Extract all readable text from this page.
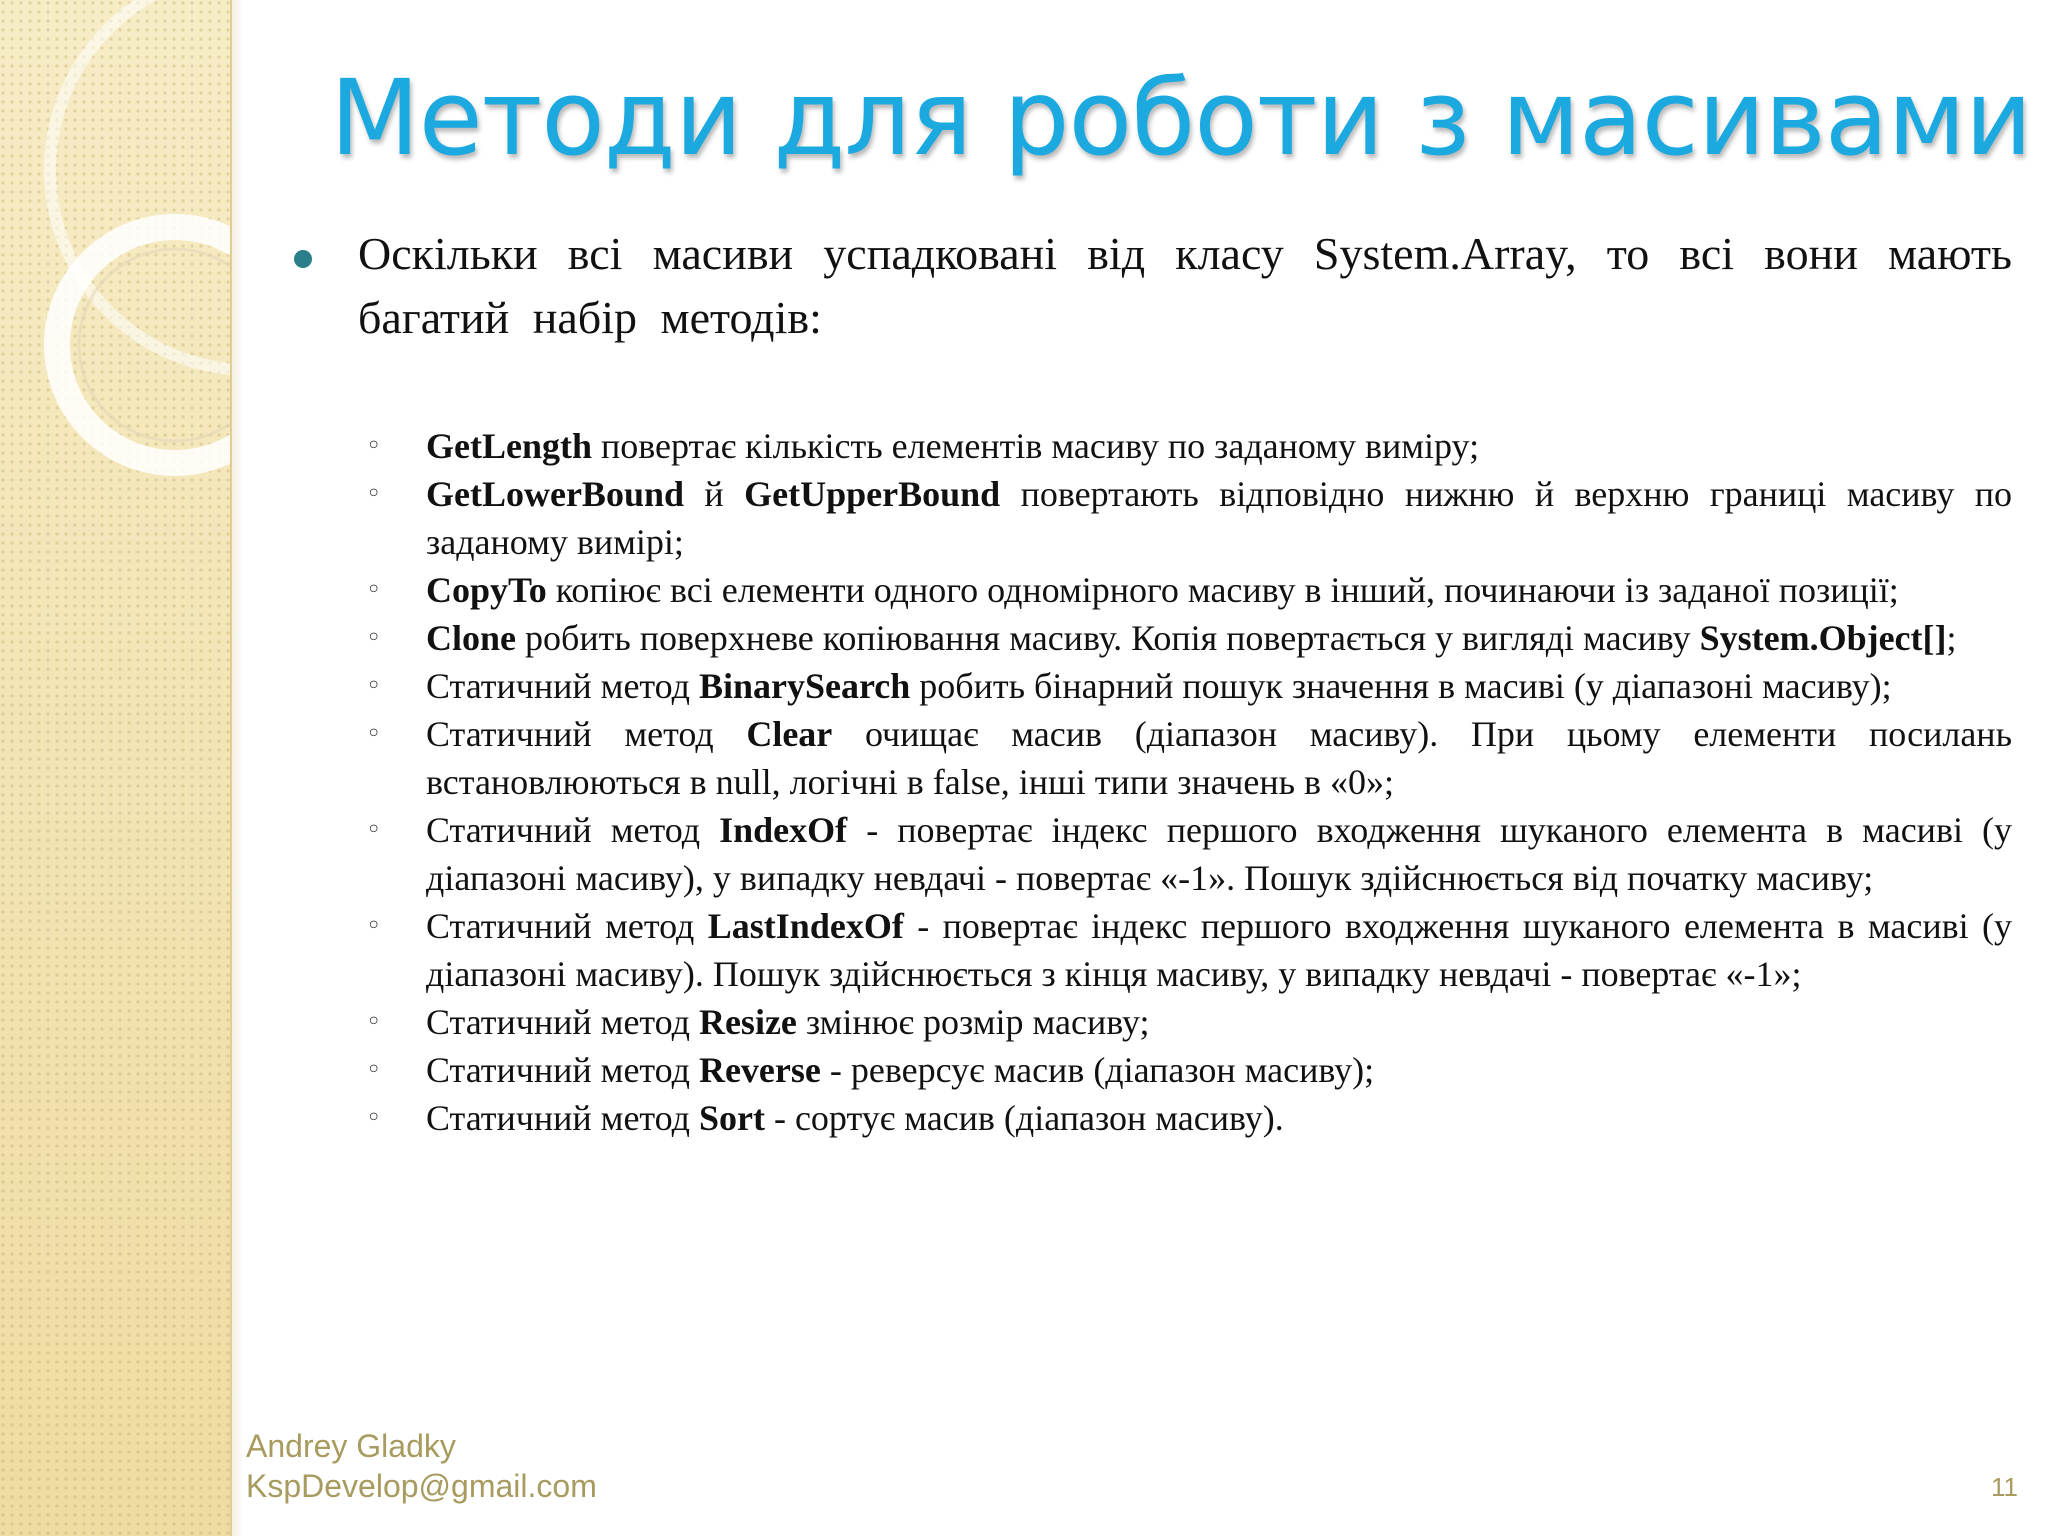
Методи для роботи з масивами
Оскільки всі масиви успадковані від класу System.Array, то всі вони мають багатий набір методів:
◦ GetLength повертає кількість елементів масиву по заданому виміру;
◦ GetLowerBound й GetUpperBound повертають відповідно нижню й верхню границі масиву по заданому вимірі;
◦ CopyTo копіює всі елементи одного одномірного масиву в інший, починаючи із заданої позиції;
◦ Clone робить поверхневе копіювання масиву. Копія повертається у вигляді масиву System.Object[];
◦ Статичний метод BinarySearch робить бінарний пошук значення в масиві (у діапазоні масиву);
◦ Статичний метод Clear очищає масив (діапазон масиву). При цьому елементи посилань встановлюються в null, логічні в false, інші типи значень в «0»;
◦ Статичний метод IndexOf - повертає індекс першого входження шуканого елемента в масиві (у діапазоні масиву), у випадку невдачі - повертає «-1». Пошук здійснюється від початку масиву;
◦ Статичний метод LastIndexOf - повертає індекс першого входження шуканого елемента в масиві (у діапазоні масиву). Пошук здійснюється з кінця масиву, у випадку невдачі - повертає «-1»;
◦ Статичний метод Resize змінює розмір масиву;
◦ Статичний метод Reverse - реверсує масив (діапазон масиву);
◦ Статичний метод Sort - сортує масив (діапазон масиву).
Andrey Gladky
KspDevelop@gmail.com	11
